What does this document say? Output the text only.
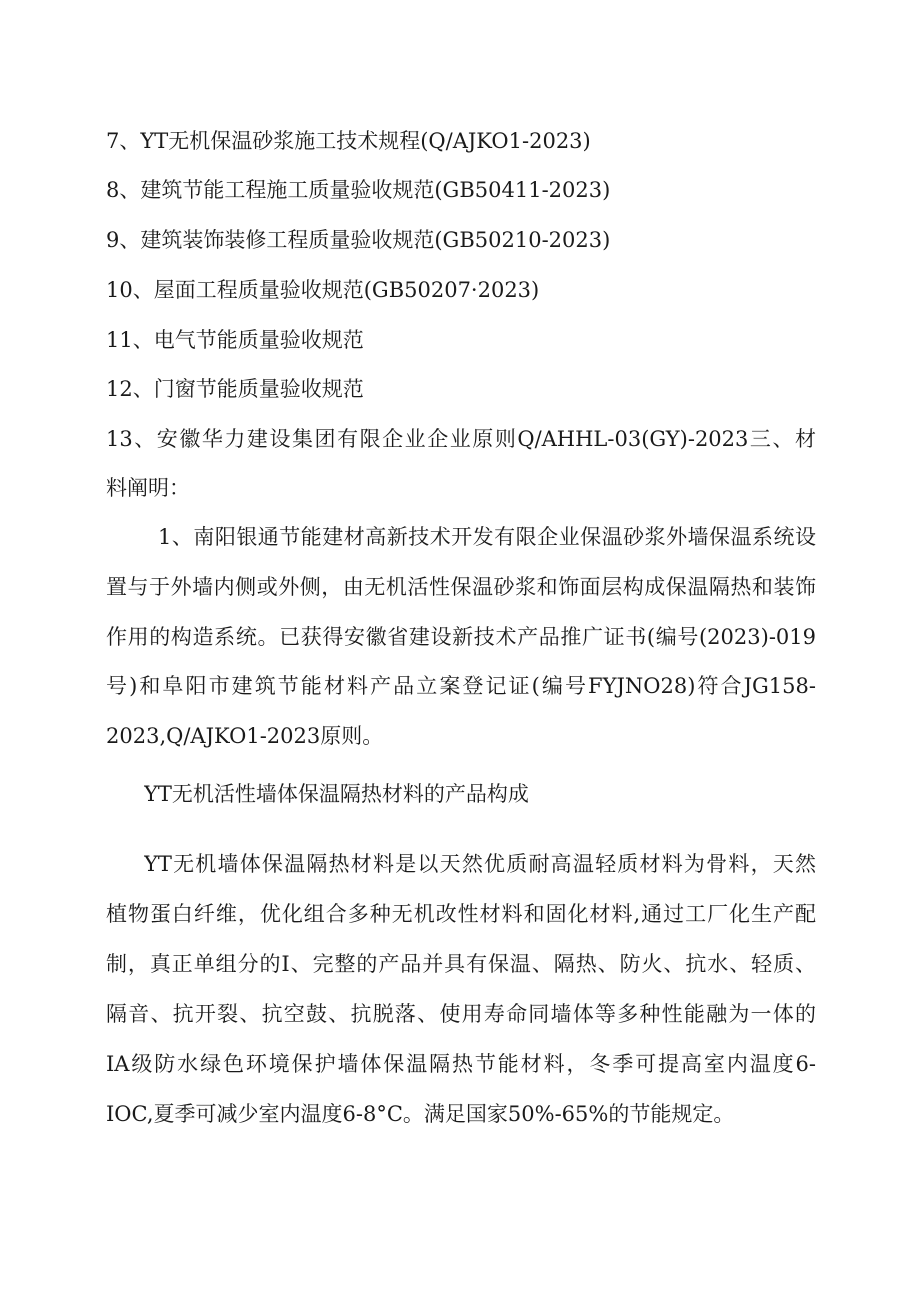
7、YT无机保温砂浆施工技术规程(Q/AJKO1-2023)
8、建筑节能工程施工质量验收规范(GB50411-2023)
9、建筑装饰装修工程质量验收规范(GB50210-2023)
10、屋面工程质量验收规范(GB50207·2023)
11、电气节能质量验收规范
12、门窗节能质量验收规范
13、安徽华力建设集团有限企业企业原则Q/AHHL-03(GY)-2023三、材
料阐明：
1、南阳银通节能建材高新技术开发有限企业保温砂浆外墙保温系统设
置与于外墙内侧或外侧，由无机活性保温砂浆和饰面层构成保温隔热和装饰
作用的构造系统。已获得安徽省建设新技术产品推广证书(编号(2023)-019
号)和阜阳市建筑节能材料产品立案登记证(编号FYJNO28)符合JG158-
2023,Q/AJKO1-2023原则。
YT无机活性墙体保温隔热材料的产品构成
YT无机墙体保温隔热材料是以天然优质耐高温轻质材料为骨料，天然
植物蛋白纤维，优化组合多种无机改性材料和固化材料,通过工厂化生产配
制，真正单组分的I、完整的产品并具有保温、隔热、防火、抗水、轻质、
隔音、抗开裂、抗空鼓、抗脱落、使用寿命同墙体等多种性能融为一体的
IA级防水绿色环境保护墙体保温隔热节能材料，冬季可提高室内温度6-
IOC,夏季可减少室内温度6-8°C。满足国家50%-65%的节能规定。
